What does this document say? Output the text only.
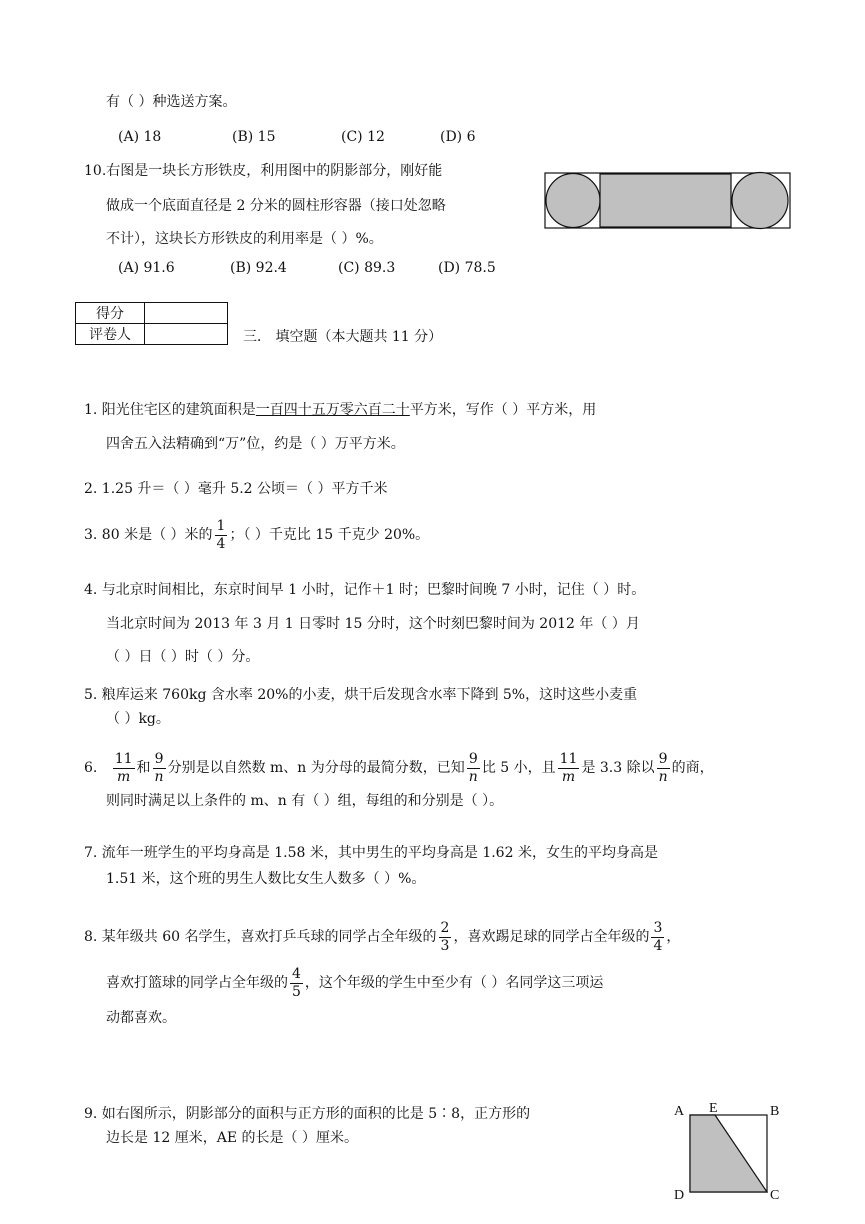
有（ ）种选送方案。
(A) 18	(B) 15	(C) 12	(D) 6
10.右图是一块长方形铁皮，利用图中的阴影部分，刚好能
做成一个底面直径是 2 分米的圆柱形容器（接口处忽略
不计），这块长方形铁皮的利用率是（ ）%。
(A) 91.6	(B) 92.4	(C) 89.3	(D) 78.5
得分	
评卷人		三． 填空题（本大题共 11 分）
1. 阳光住宅区的建筑面积是一百四十五万零六百二十平方米，写作（ ）平方米，用
四舍五入法精确到“万”位，约是（ ）万平方米。
2. 1.25 升＝（ ）毫升 5.2 公顷＝（ ）平方千米
3. 80 米是（ ）米的 $\frac{1}{4}$ ；（ ）千克比 15 千克少 20%。
4. 与北京时间相比，东京时间早 1 小时，记作＋1 时；巴黎时间晚 7 小时，记住（ ）时。
当北京时间为 2013 年 3 月 1 日零时 15 分时，这个时刻巴黎时间为 2012 年（ ）月
（ ）日（ ）时（ ）分。
5. 粮库运来 760kg 含水率 20%的小麦，烘干后发现含水率下降到 5%，这时这些小麦重
（ ）kg。
6. $\frac{11}{m}$ 和 $\frac{9}{n}$ 分别是以自然数 m、n 为分母的最简分数，已知 $\frac{9}{n}$ 比 5 小，且 $\frac{11}{m}$ 是 3.3 除以 $\frac{9}{n}$ 的商，
则同时满足以上条件的 m、n 有（ ）组，每组的和分别是（ ）。
7. 流年一班学生的平均身高是 1.58 米，其中男生的平均身高是 1.62 米，女生的平均身高是
1.51 米，这个班的男生人数比女生人数多（ ）%。
8. 某年级共 60 名学生，喜欢打乒乓球的同学占全年级的 $\frac{2}{3}$ ，喜欢踢足球的同学占全年级的 $\frac{3}{4}$ ，
喜欢打篮球的同学占全年级的 $\frac{4}{5}$ ，这个年级的学生中至少有（ ）名同学这三项运
动都喜欢。
9. 如右图所示，阴影部分的面积与正方形的面积的比是 5∶8，正方形的
边长是 12 厘米，AE 的长是（ ）厘米。
A E	B
C
D
